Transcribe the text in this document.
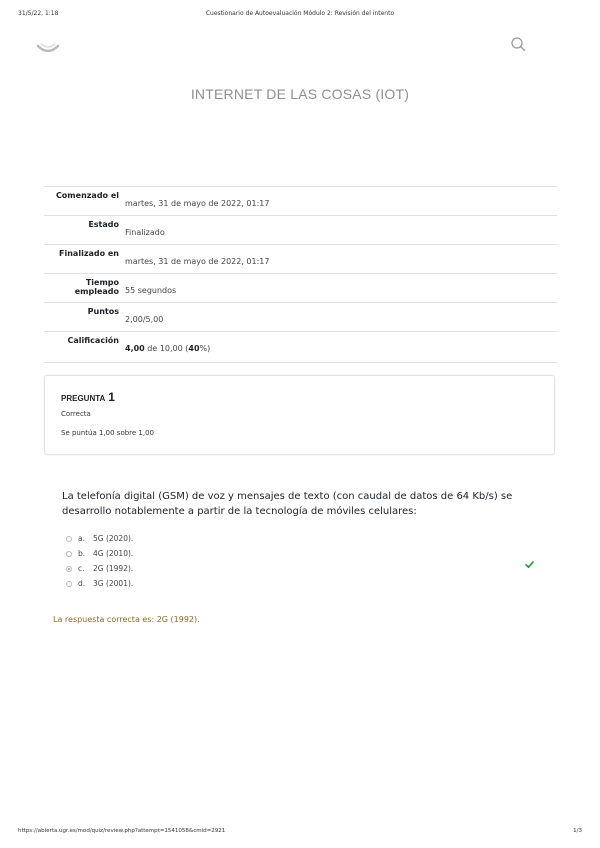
31/5/22, 1:18	Cuestionario de Autoevaluación Módulo 2: Revisión del intento
INTERNET DE LAS COSAS (IOT)
Comenzado el
martes, 31 de mayo de 2022, 01:17
Estado
Finalizado
Finalizado en
martes, 31 de mayo de 2022, 01:17
Tiempo empleado 55 segundos
Puntos
2,00/5,00
Calificación
4,00 de 10,00 (40%)
PREGUNTA 1
Correcta
Se puntúa 1,00 sobre 1,00
La telefonía digital (GSM) de voz y mensajes de texto (con caudal de datos de 64 Kb/s) se desarrollo notablemente a partir de la tecnología de móviles celulares:
a.	5G (2020).
b.	4G (2010).
c.	2G (1992).
d.	3G (2001).
La respuesta correcta es: 2G (1992).
https://abierta.ugr.es/mod/quiz/review.php?attempt=1541058&cmid=2921	1/3
